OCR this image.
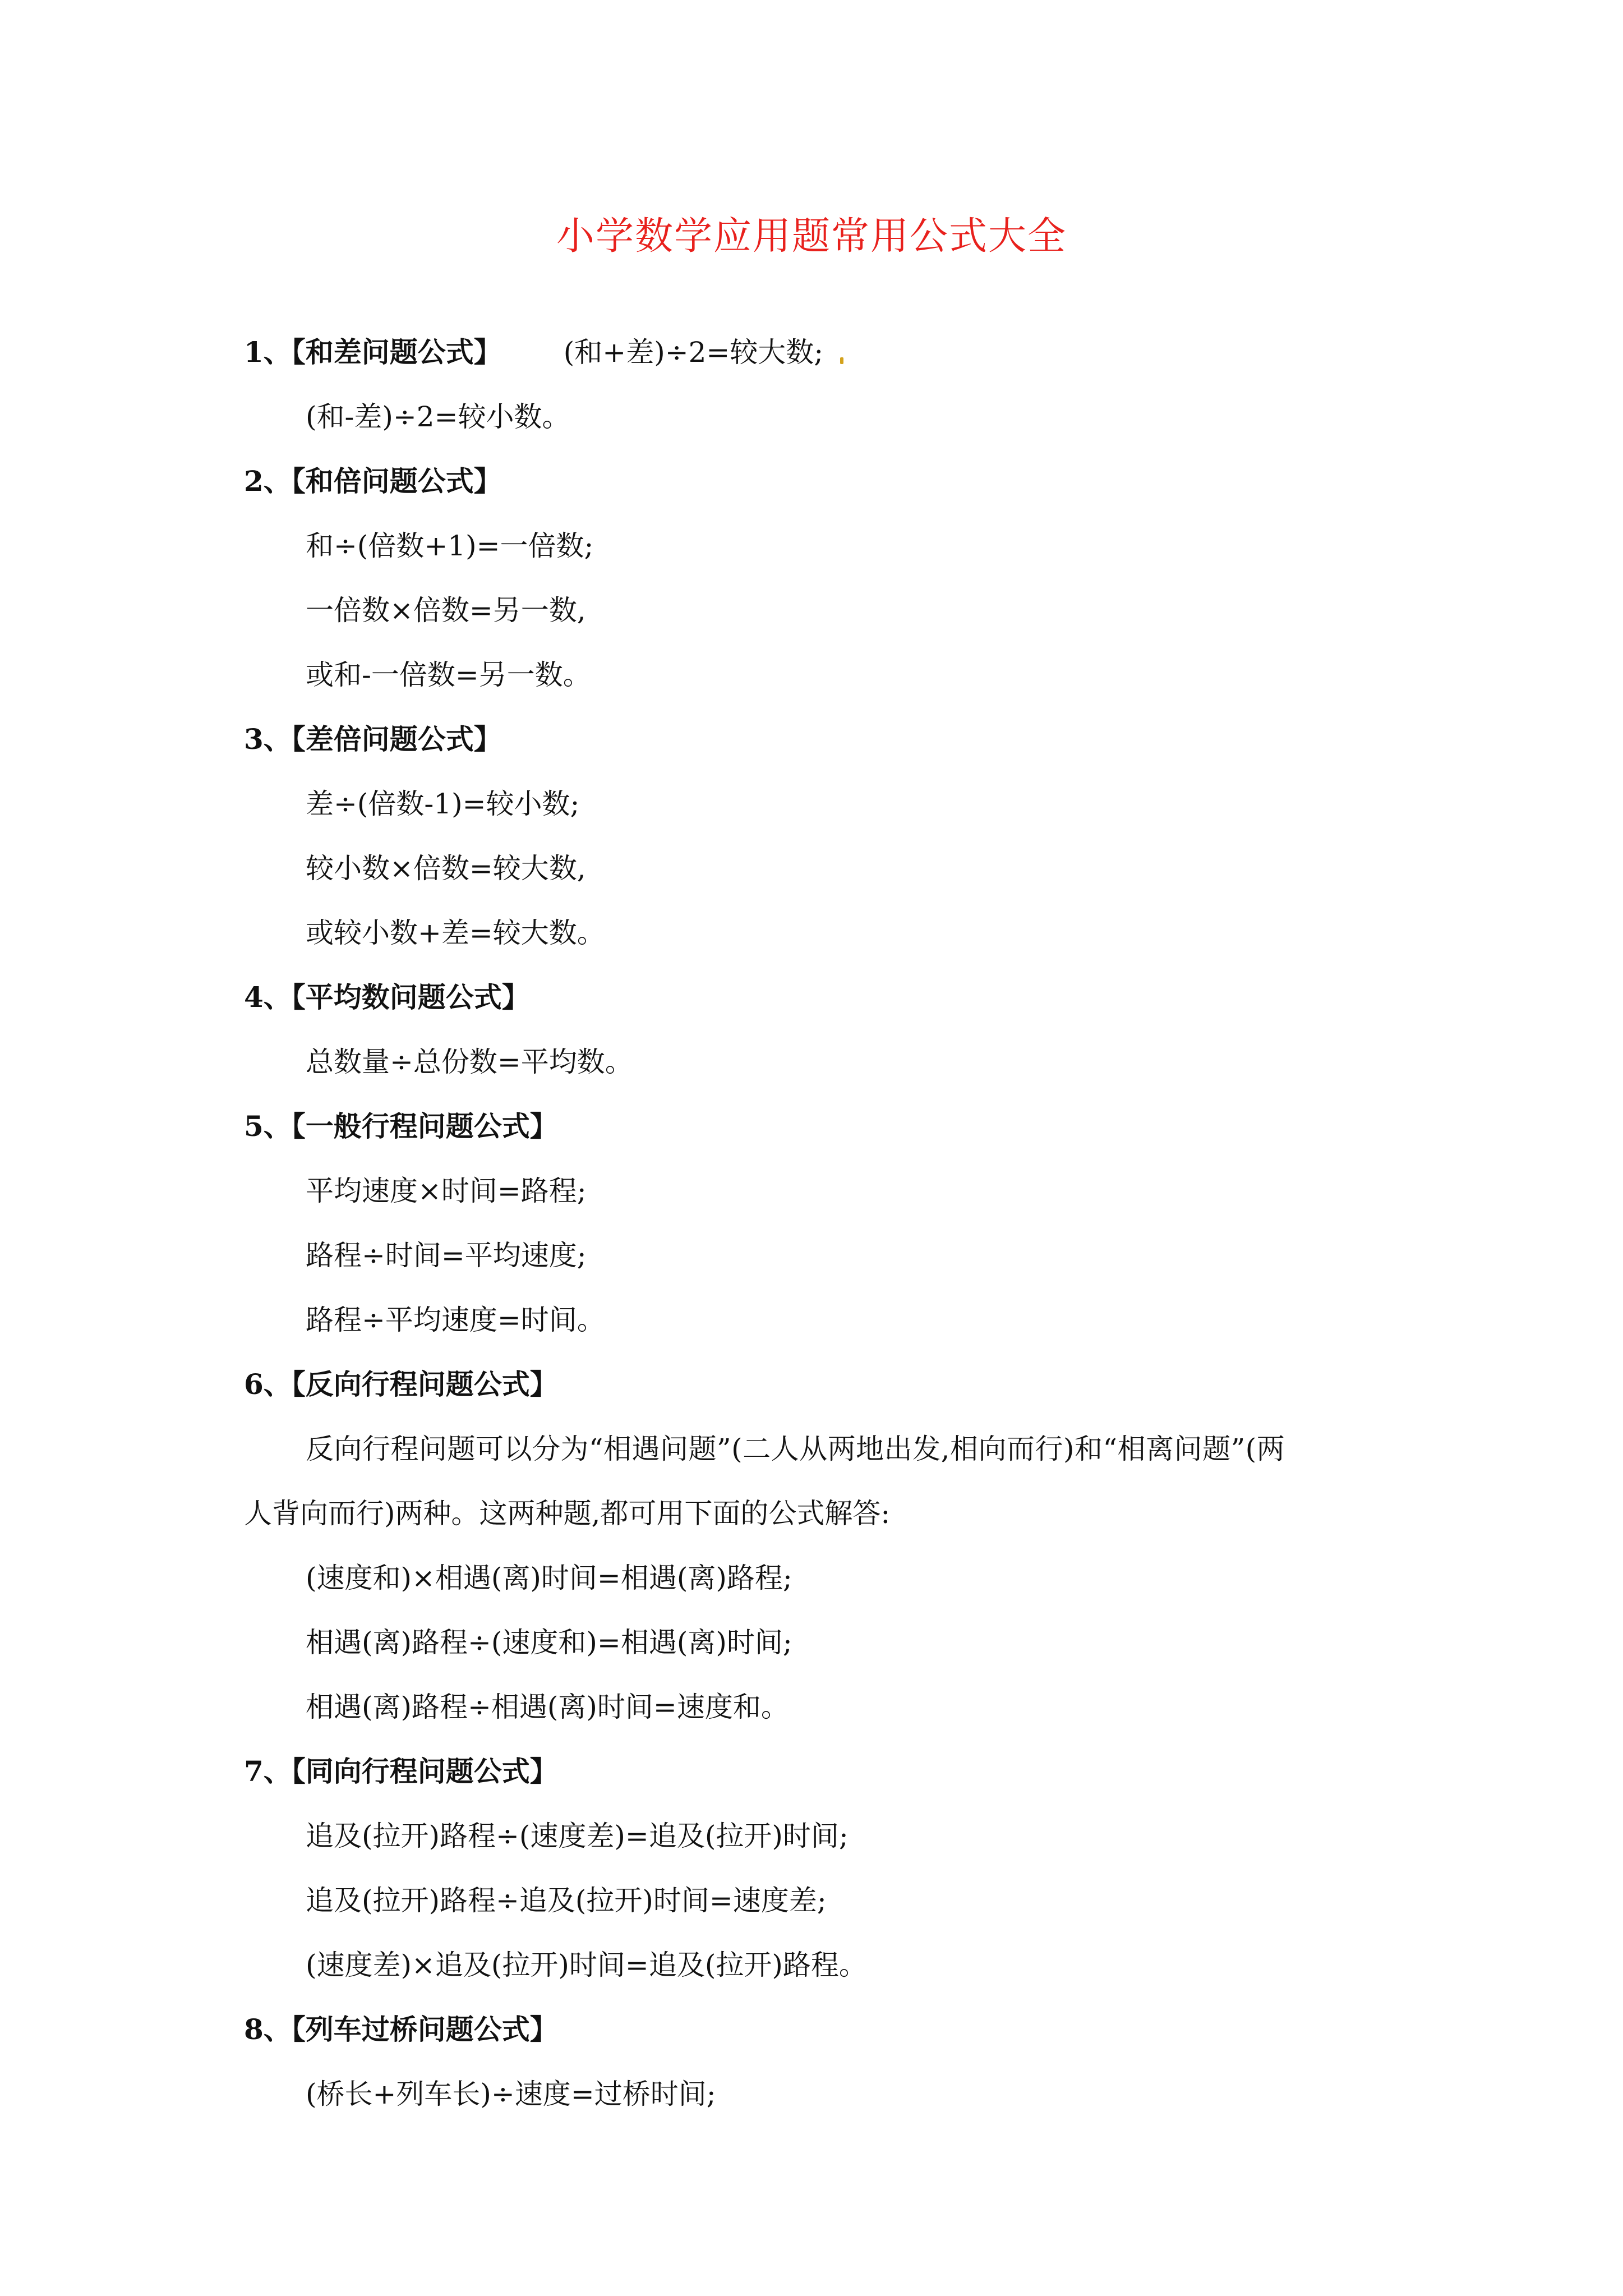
小学数学应用题常用公式大全
1、【和差问题公式】 (和+差)÷2=较大数;
(和-差)÷2=较小数。
2、【和倍问题公式】
和÷(倍数+1)=一倍数;
一倍数×倍数=另一数,
或和-一倍数=另一数。
3、【差倍问题公式】
差÷(倍数-1)=较小数;
较小数×倍数=较大数,
或较小数+差=较大数。
4、【平均数问题公式】
总数量÷总份数=平均数。
5、【一般行程问题公式】
平均速度×时间=路程;
路程÷时间=平均速度;
路程÷平均速度=时间。
6、【反向行程问题公式】
反向行程问题可以分为“相遇问题”(二人从两地出发,相向而行)和“相离问题”(两
人背向而行)两种。这两种题,都可用下面的公式解答:
(速度和)×相遇(离)时间=相遇(离)路程;
相遇(离)路程÷(速度和)=相遇(离)时间;
相遇(离)路程÷相遇(离)时间=速度和。
7、【同向行程问题公式】
追及(拉开)路程÷(速度差)=追及(拉开)时间;
追及(拉开)路程÷追及(拉开)时间=速度差;
(速度差)×追及(拉开)时间=追及(拉开)路程。
8、【列车过桥问题公式】
(桥长+列车长)÷速度=过桥时间;
